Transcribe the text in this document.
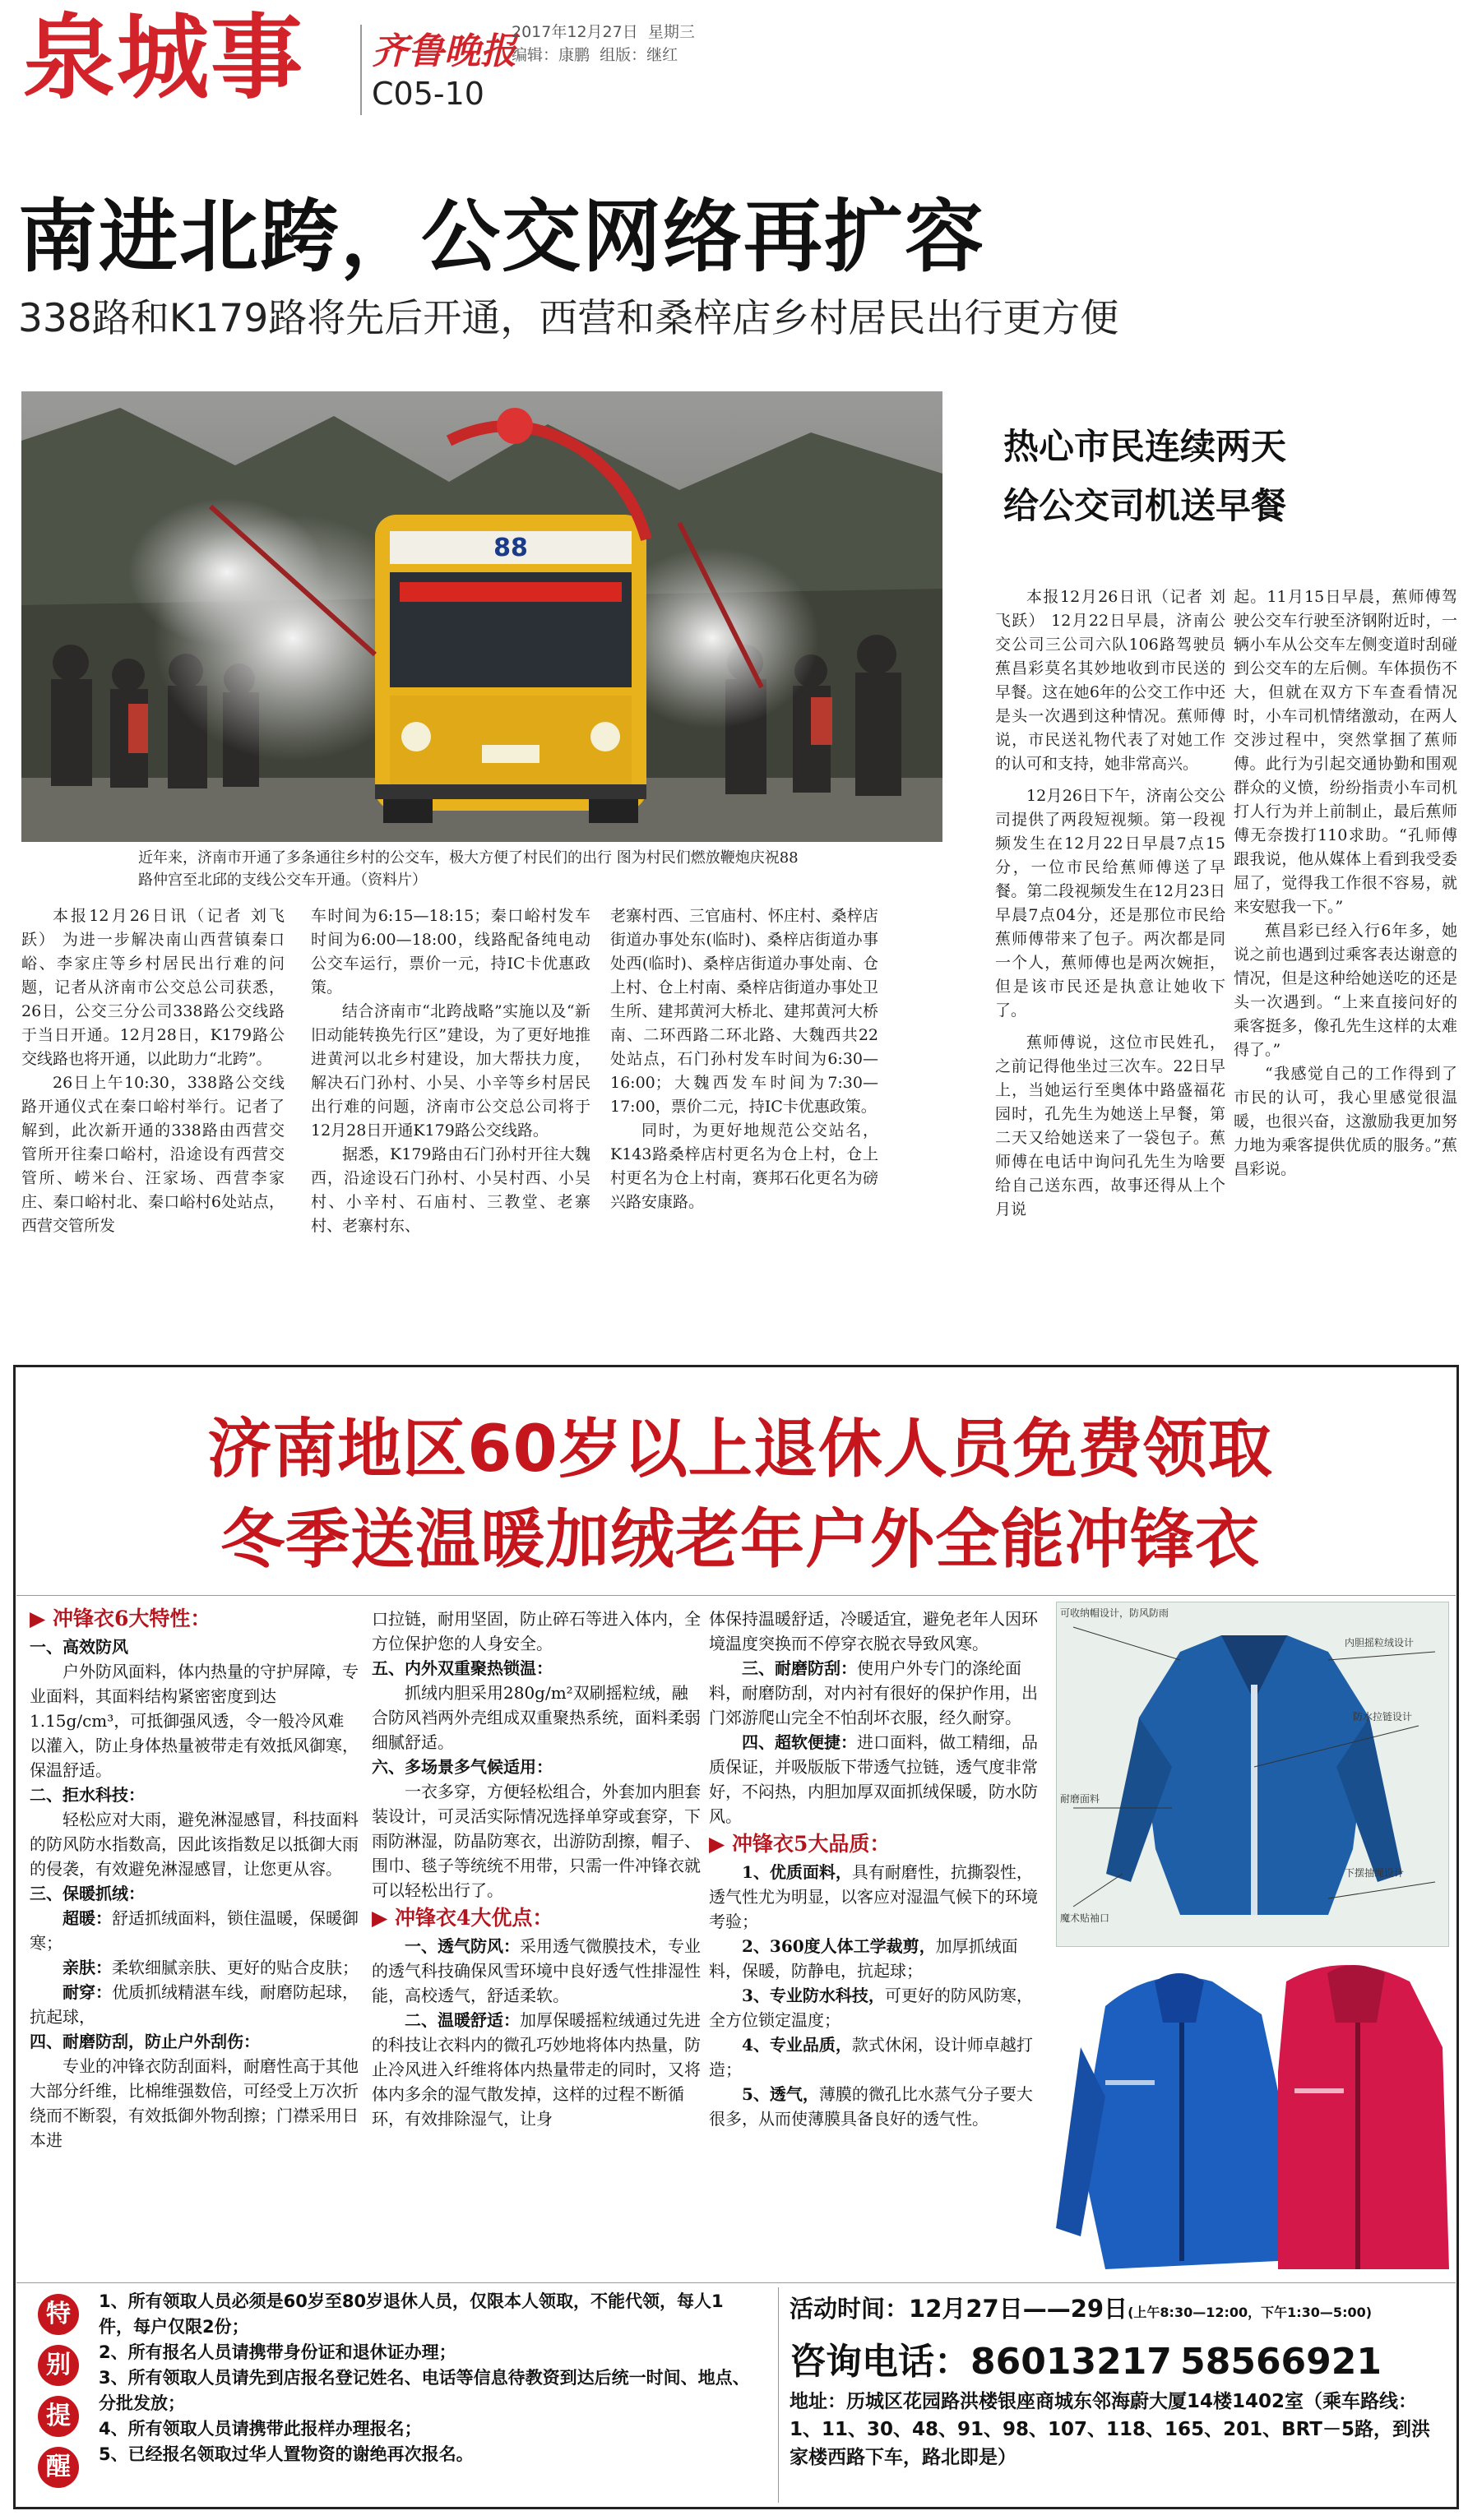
泉城事 齐鲁晚报
2017年12月27日 星期三
编辑：康鹏 组版：继红
C05-10
南进北跨，公交网络再扩容
338路和K179路将先后开通，西营和桑梓店乡村居民出行更方便
88
近年来，济南市开通了多条通往乡村的公交车，极大方便了村民们的出行 图为村民们燃放鞭炮庆祝88路仲宫至北邱的支线公交车开通。（资料片）
热心市民连续两天
给公交司机送早餐

本报12月26日讯（记者 刘飞跃） 12月22日早晨，济南公交公司三公司六队106路驾驶员蕉昌彩莫名其妙地收到市民送的早餐。这在她6年的公交工作中还是头一次遇到这种情况。蕉师傅说，市民送礼物代表了对她工作的认可和支持，她非常高兴。

12月26日下午，济南公交公司提供了两段短视频。第一段视频发生在12月22日早晨7点15分，一位市民给蕉师傅送了早餐。第二段视频发生在12月23日早晨7点04分，还是那位市民给蕉师傅带来了包子。两次都是同一个人，蕉师傅也是两次婉拒，但是该市民还是执意让她收下了。

蕉师傅说，这位市民姓孔，之前记得他坐过三次车。22日早上，当她运行至奥体中路盛福花园时，孔先生为她送上早餐，第二天又给她送来了一袋包子。蕉师傅在电话中询问孔先生为啥要给自己送东西，故事还得从上个月说

起。11月15日早晨，蕉师傅驾驶公交车行驶至济钢附近时，一辆小车从公交车左侧变道时刮碰到公交车的左后侧。车体损伤不大，但就在双方下车查看情况时，小车司机情绪激动，在两人交涉过程中，突然掌掴了蕉师傅。此行为引起交通协勤和围观群众的义愤，纷纷指责小车司机打人行为并上前制止，最后蕉师傅无奈拨打110求助。“孔师傅跟我说，他从媒体上看到我受委屈了，觉得我工作很不容易，就来安慰我一下。”

蕉昌彩已经入行6年多，她说之前也遇到过乘客表达谢意的情况，但是这种给她送吃的还是头一次遇到。“上来直接问好的乘客挺多，像孔先生这样的太难得了。”

“我感觉自己的工作得到了市民的认可，我心里感觉很温暖，也很兴奋，这激励我更加努力地为乘客提供优质的服务。”蕉昌彩说。

本报12月26日讯（记者 刘飞跃） 为进一步解决南山西营镇秦口峪、李家庄等乡村居民出行难的问题，记者从济南市公交总公司获悉，26日，公交三分公司338路公交线路于当日开通。12月28日，K179路公交线路也将开通，以此助力“北跨”。

26日上午10:30，338路公交线路开通仪式在秦口峪村举行。记者了解到，此次新开通的338路由西营交管所开往秦口峪村，沿途设有西营交管所、崂米台、汪家场、西营李家庄、秦口峪村北、秦口峪村6处站点，西营交管所发

车时间为6:15—18:15；秦口峪村发车时间为6:00—18:00，线路配备纯电动公交车运行，票价一元，持IC卡优惠政策。

结合济南市“北跨战略”实施以及“新旧动能转换先行区”建设，为了更好地推进黄河以北乡村建设，加大帮扶力度，解决石门孙村、小吴、小辛等乡村居民出行难的问题，济南市公交总公司将于12月28日开通K179路公交线路。

据悉，K179路由石门孙村开往大魏西，沿途设石门孙村、小吴村西、小吴村、小辛村、石庙村、三教堂、老寨村、老寨村东、

老寨村西、三官庙村、怀庄村、桑梓店街道办事处东(临时)、桑梓店街道办事处西(临时)、桑梓店街道办事处南、仓上村、仓上村南、桑梓店街道办事处卫生所、建邦黄河大桥北、建邦黄河大桥南、二环西路二环北路、大魏西共22处站点，石门孙村发车时间为6:30—16:00；大魏西发车时间为7:30—17:00，票价二元，持IC卡优惠政策。

同时，为更好地规范公交站名，K143路桑梓店村更名为仓上村，仓上村更名为仓上村南，赛邦石化更名为磅兴路安康路。

济南地区60岁以上退休人员免费领取
冬季送温暖加绒老年户外全能冲锋衣
▶ 冲锋衣6大特性：

一、高效防风

户外防风面料，体内热量的守护屏障，专业面料，其面料结构紧密密度到达1.15g/cm³，可抵御强风透，令一般冷风难以灌入，防止身体热量被带走有效抵风御寒，保温舒适。

二、拒水科技：

轻松应对大雨，避免淋湿感冒，科技面料的防风防水指数高，因此该指数足以抵御大雨的侵袭，有效避免淋湿感冒，让您更从容。

三、保暖抓绒：

超暖：舒适抓绒面料，锁住温暖，保暖御寒；

亲肤：柔软细腻亲肤、更好的贴合皮肤；

耐穿：优质抓绒精湛车线，耐磨防起球，抗起球，

四、耐磨防刮，防止户外刮伤：

专业的冲锋衣防刮面料，耐磨性高于其他大部分纤维，比棉维强数倍，可经受上万次折绕而不断裂，有效抵御外物刮擦；门襟采用日本进

口拉链，耐用坚固，防止碎石等进入体内，全方位保护您的人身安全。

五、内外双重聚热锁温：

抓绒内胆采用280g/m²双刷摇粒绒，融合防风裆两外壳组成双重聚热系统，面料柔弱细腻舒适。

六、多场景多气候适用：

一衣多穿，方便轻松组合，外套加内胆套装设计，可灵活实际情况选择单穿或套穿，下雨防淋湿，防晶防寒衣，出游防刮擦，帽子、围巾、毯子等统统不用带，只需一件冲锋衣就可以轻松出行了。

▶ 冲锋衣4大优点：

一、透气防风：采用透气微膜技术，专业的透气科技确保风雪环境中良好透气性排湿性能，高校透气，舒适柔软。

二、温暖舒适：加厚保暖摇粒绒通过先进的科技让衣料内的微孔巧妙地将体内热量，防止冷风进入纤维将体内热量带走的同时，又将体内多余的湿气散发掉，这样的过程不断循环，有效排除湿气，让身

体保持温暖舒适，冷暖适宜，避免老年人因环境温度突换而不停穿衣脱衣导致风寒。

三、耐磨防刮：使用户外专门的涤纶面料，耐磨防刮，对内衬有很好的保护作用，出门郊游爬山完全不怕刮坏衣服，经久耐穿。

四、超软便捷：进口面料，做工精细，品质保证，并吸版版下带透气拉链，透气度非常好，不闷热，内胆加厚双面抓绒保暖，防水防风。

▶ 冲锋衣5大品质：

1、优质面料，具有耐磨性，抗撕裂性，透气性尤为明显，以客应对湿温气候下的环境考验；

2、360度人体工学裁剪，加厚抓绒面料，保暖，防静电，抗起球；

3、专业防水科技，可更好的防风防寒，全方位锁定温度；

4、专业品质，款式休闲，设计师卓越打造；

5、透气，薄膜的微孔比水蒸气分子要大很多，从而使薄膜具备良好的透气性。

可收纳帽设计，防风防雨
内胆摇粒绒设计
防水拉链设计
耐磨面料
魔术贴袖口
下摆抽绳设计
特
别
提
醒
1、所有领取人员必须是60岁至80岁退休人员，仅限本人领取，不能代领，每人1件，每户仅限2份；
2、所有报名人员请携带身份证和退休证办理；
3、所有领取人员请先到店报名登记姓名、电话等信息待教资到达后统一时间、地点、分批发放；
4、所有领取人员请携带此报样办理报名；
5、已经报名领取过华人置物资的谢绝再次报名。
活动时间：12月27日——29日(上午8:30—12:00，下午1:30—5:00)
咨询电话：86013217 58566921
地址：历城区花园路洪楼银座商城东邻海蔚大厦14楼1402室（乘车路线：1、11、30、48、91、98、107、118、165、201、BRT－5路，到洪家楼西路下车，路北即是）
